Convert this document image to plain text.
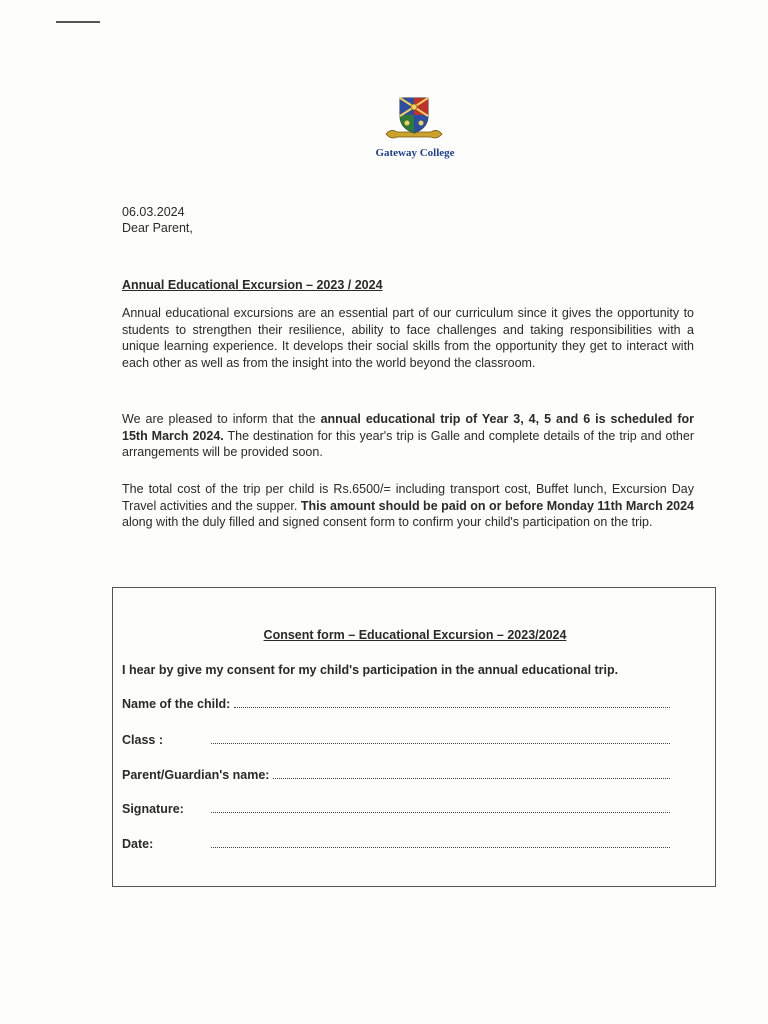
Gateway College
06.03.2024
Dear Parent,
Annual Educational Excursion – 2023 / 2024

Annual educational excursions are an essential part of our curriculum since it gives the opportunity to students to strengthen their resilience, ability to face challenges and taking responsibilities with a unique learning experience. It develops their social skills from the opportunity they get to interact with each other as well as from the insight into the world beyond the classroom.

We are pleased to inform that the annual educational trip of Year 3, 4, 5 and 6 is scheduled for 15th March 2024. The destination for this year's trip is Galle and complete details of the trip and other arrangements will be provided soon.

The total cost of the trip per child is Rs.6500/= including transport cost, Buffet lunch, Excursion Day Travel activities and the supper. This amount should be paid on or before Monday 11th March 2024 along with the duly filled and signed consent form to confirm your child's participation on the trip.

Consent form – Educational Excursion – 2023/2024
I hear by give my consent for my child's participation in the annual educational trip.
Name of the child:
Class :
Parent/Guardian's name:
Signature:
Date:
